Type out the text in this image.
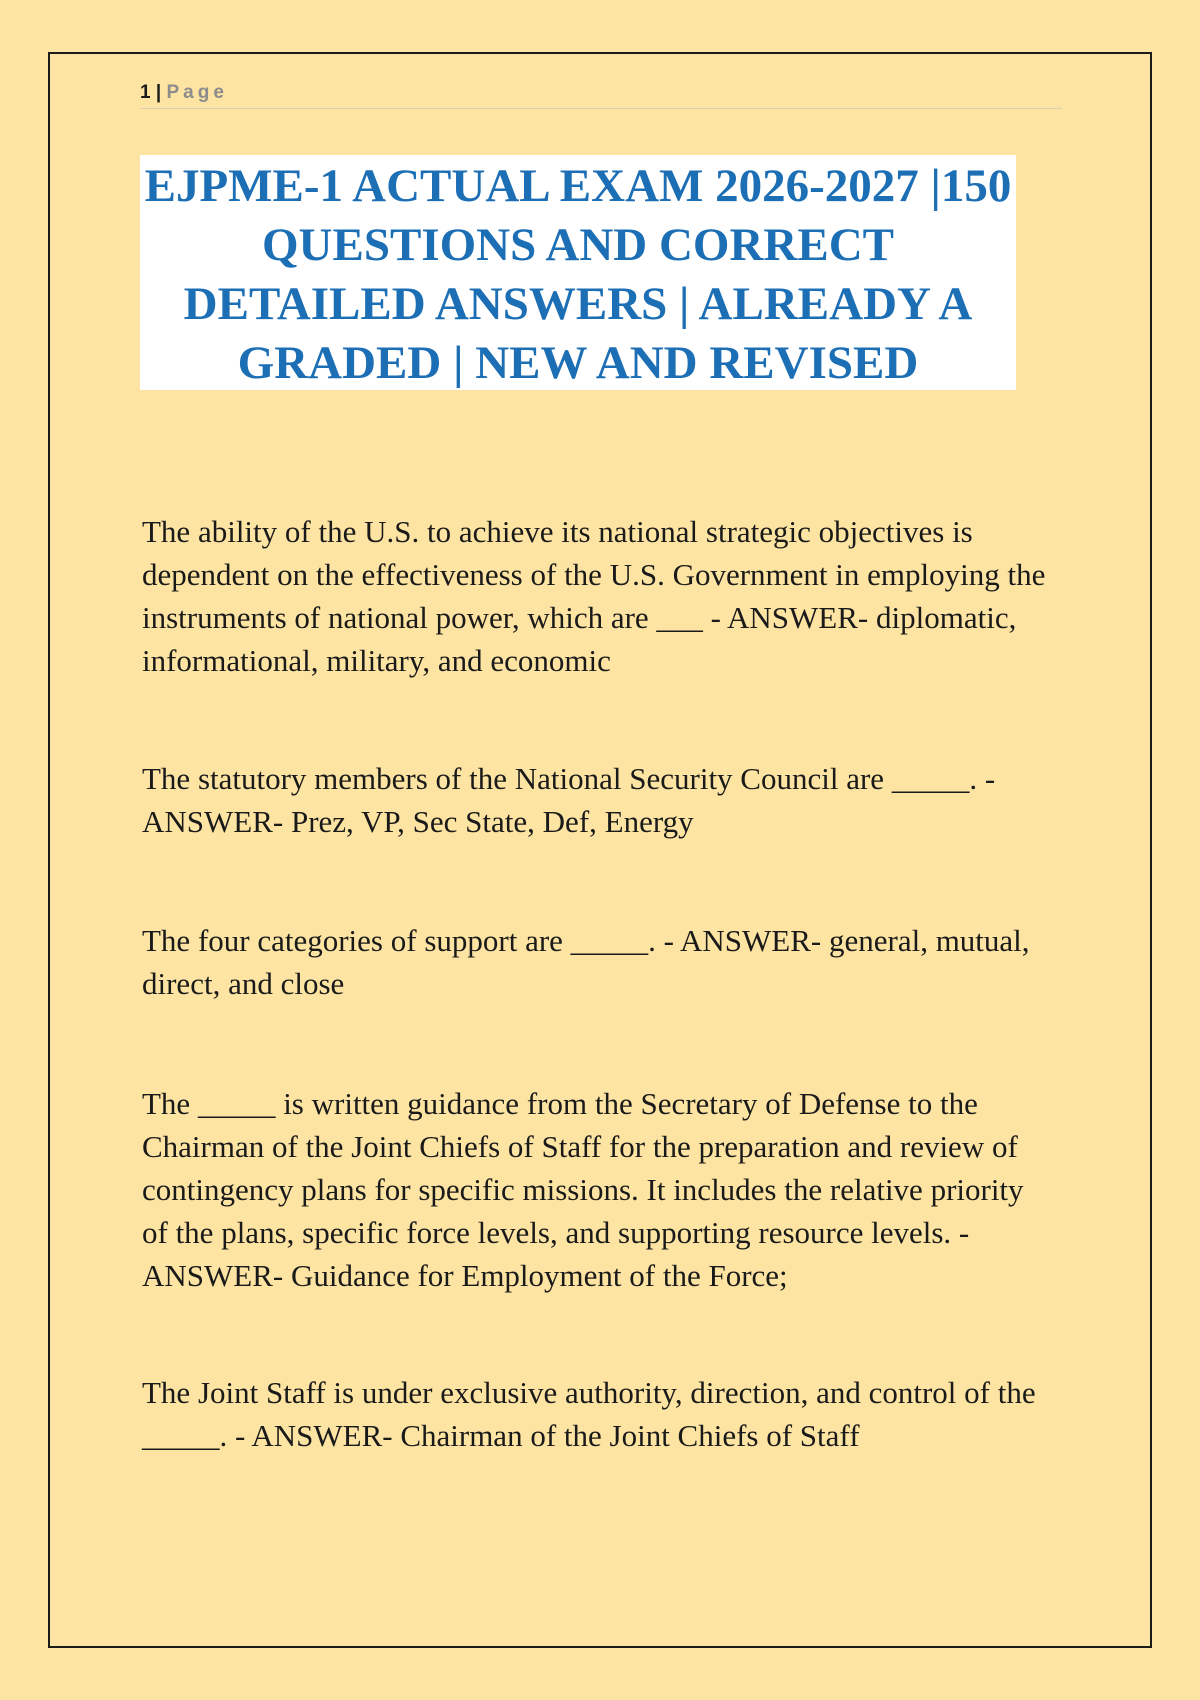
1 | Page
EJPME-1 ACTUAL EXAM 2026-2027 |150
QUESTIONS AND CORRECT
DETAILED ANSWERS | ALREADY A
GRADED | NEW AND REVISED
The ability of the U.S. to achieve its national strategic objectives is
dependent on the effectiveness of the U.S. Government in employing the
instruments of national power, which are ___ - ANSWER- diplomatic,
informational, military, and economic
The statutory members of the National Security Council are _____. -
ANSWER- Prez, VP, Sec State, Def, Energy
The four categories of support are _____. - ANSWER- general, mutual,
direct, and close
The _____ is written guidance from the Secretary of Defense to the
Chairman of the Joint Chiefs of Staff for the preparation and review of
contingency plans for specific missions. It includes the relative priority
of the plans, specific force levels, and supporting resource levels. -
ANSWER- Guidance for Employment of the Force;
The Joint Staff is under exclusive authority, direction, and control of the
_____. - ANSWER- Chairman of the Joint Chiefs of Staff
